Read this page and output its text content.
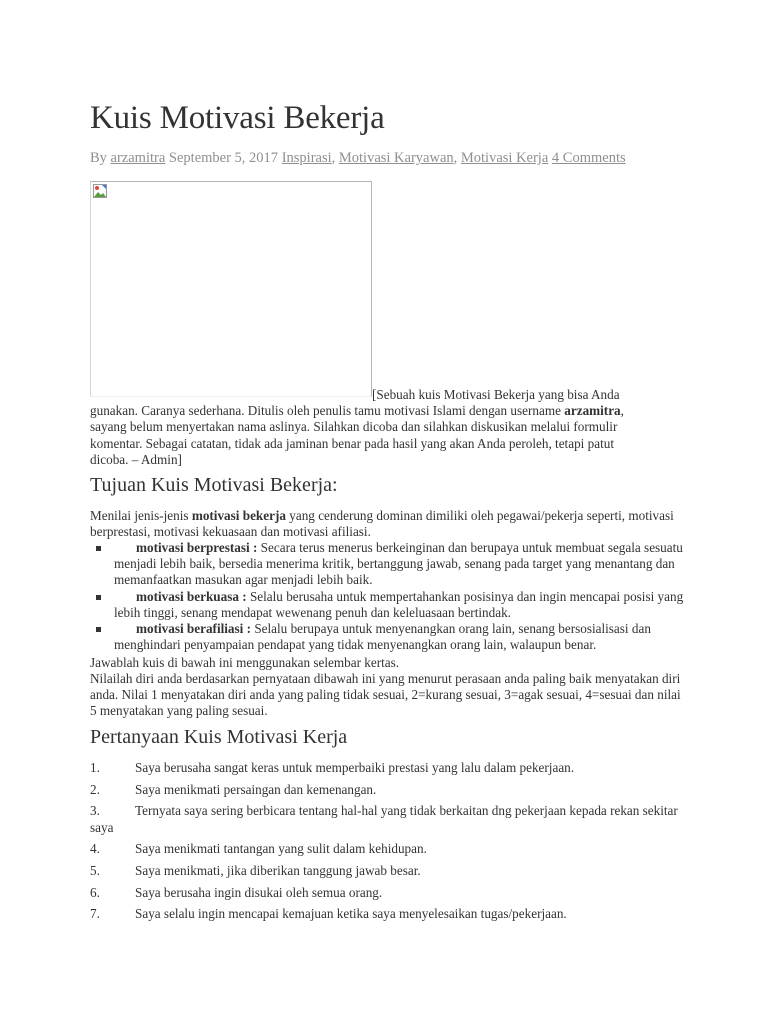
Kuis Motivasi Bekerja
By arzamitra September 5, 2017 Inspirasi, Motivasi Karyawan, Motivasi Kerja 4 Comments
[Sebuah kuis Motivasi Bekerja yang bisa Anda gunakan. Caranya sederhana. Ditulis oleh penulis tamu motivasi Islami dengan username arzamitra, sayang belum menyertakan nama aslinya. Silahkan dicoba dan silahkan diskusikan melalui formulir komentar. Sebagai catatan, tidak ada jaminan benar pada hasil yang akan Anda peroleh, tetapi patut dicoba. – Admin]
Tujuan Kuis Motivasi Bekerja:
Menilai jenis-jenis motivasi bekerja yang cenderung dominan dimiliki oleh pegawai/pekerja seperti, motivasi berprestasi, motivasi kekuasaan dan motivasi afiliasi.
motivasi berprestasi : Secara terus menerus berkeinginan dan berupaya untuk membuat segala sesuatu menjadi lebih baik, bersedia menerima kritik, bertanggung jawab, senang pada target yang menantang dan memanfaatkan masukan agar menjadi lebih baik.
motivasi berkuasa : Selalu berusaha untuk mempertahankan posisinya dan ingin mencapai posisi yang lebih tinggi, senang mendapat wewenang penuh dan keleluasaan bertindak.
motivasi berafiliasi : Selalu berupaya untuk menyenangkan orang lain, senang bersosialisasi dan menghindari penyampaian pendapat yang tidak menyenangkan orang lain, walaupun benar.
Jawablah kuis di bawah ini menggunakan selembar kertas.
Nilailah diri anda berdasarkan pernyataan dibawah ini yang menurut perasaan anda paling baik menyatakan diri anda. Nilai 1 menyatakan diri anda yang paling tidak sesuai, 2=kurang sesuai, 3=agak sesuai, 4=sesuai dan nilai 5 menyatakan yang paling sesuai.
Pertanyaan Kuis Motivasi Kerja
1.	Saya berusaha sangat keras untuk memperbaiki prestasi yang lalu dalam pekerjaan.
2.	Saya menikmati persaingan dan kemenangan.
3.	Ternyata saya sering berbicara tentang hal-hal yang tidak berkaitan dng pekerjaan kepada rekan sekitar saya
4.	Saya menikmati tantangan yang sulit dalam kehidupan.
5.	Saya menikmati, jika diberikan tanggung jawab besar.
6.	Saya berusaha ingin disukai oleh semua orang.
7.	Saya selalu ingin mencapai kemajuan ketika saya menyelesaikan tugas/pekerjaan.
